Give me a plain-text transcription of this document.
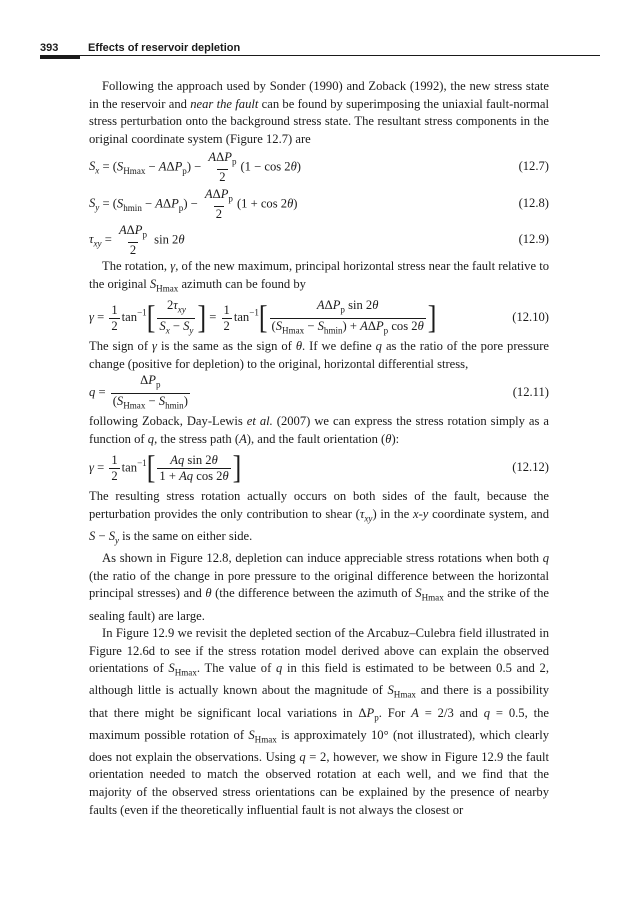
393	Effects of reservoir depletion

Following the approach used by Sonder (1990) and Zoback (1992), the new stress state in the reservoir and near the fault can be found by superimposing the uniaxial fault-normal stress perturbation onto the background stress state. The resultant stress components in the original coordinate system (Figure 12.7) are

$S_x = (S_{Hmax} - A\Delta P_p) - \frac{A\Delta P_p}{2} (1 - \cos 2\theta)$	(12.7)
$S_y = (S_{hmin} - A\Delta P_p) - \frac{A\Delta P_p}{2} (1 + \cos 2\theta)$	(12.8)
$\tau_{xy} = \frac{A\Delta P_p}{2}$ sin 2θ	(12.9)

The rotation, γ, of the new maximum, principal horizontal stress near the fault relative to the original $S_{Hmax}$ azimuth can be found by

$\gamma = \frac{1}{2} \tan^{-1}[ \frac{2\tau_{xy}}{S_x - S_y}$ ] = $\frac{1}{2} \tan^{-1}[ \frac{A\Delta P_p \sin 2\theta}{(S_{Hmax} - S_{hmin}) + A\Delta P_p \cos 2\theta}$ ]	(12.10)

The sign of γ is the same as the sign of θ. If we define q as the ratio of the pore pressure change (positive for depletion) to the original, horizontal differential stress,

$q = \frac{\Delta P_p}{(S_{Hmax} - S_{hmin})}$	(12.11)

following Zoback, Day-Lewis et al. (2007) we can express the stress rotation simply as a function of q, the stress path (A), and the fault orientation (θ):

$\gamma = \frac{1}{2} \tan^{-1}[ \frac{\text{Aq sin 2θ}}{\text{1 + Aq cos 2θ}}$ ]	(12.12)

The resulting stress rotation actually occurs on both sides of the fault, because the perturbation provides the only contribution to shear $(\tau_{xy})$ in the x-y coordinate system, and $S - S_y$ is the same on either side.

As shown in Figure 12.8, depletion can induce appreciable stress rotations when both q (the ratio of the change in pore pressure to the original difference between the horizontal principal stresses) and θ (the difference between the azimuth of $S_{Hmax}$ and the strike of the sealing fault) are large.

In Figure 12.9 we revisit the depleted section of the Arcabuz–Culebra field illustrated in Figure 12.6d to see if the stress rotation model derived above can explain the observed orientations of $S_{Hmax}$. The value of q in this field is estimated to be between 0.5 and 2, although little is actually known about the magnitude of $S_{Hmax}$ and there is a possibility that there might be significant local variations in $\Delta P_p$. For A = 2/3 and q = 0.5, the maximum possible rotation of $S_{Hmax}$ is approximately 10° (not illustrated), which clearly does not explain the observations. Using q = 2, however, we show in Figure 12.9 the fault orientation needed to match the observed rotation at each well, and we find that the majority of the observed stress orientations can be explained by the presence of nearby faults (even if the theoretically influential fault is not always the closest or
